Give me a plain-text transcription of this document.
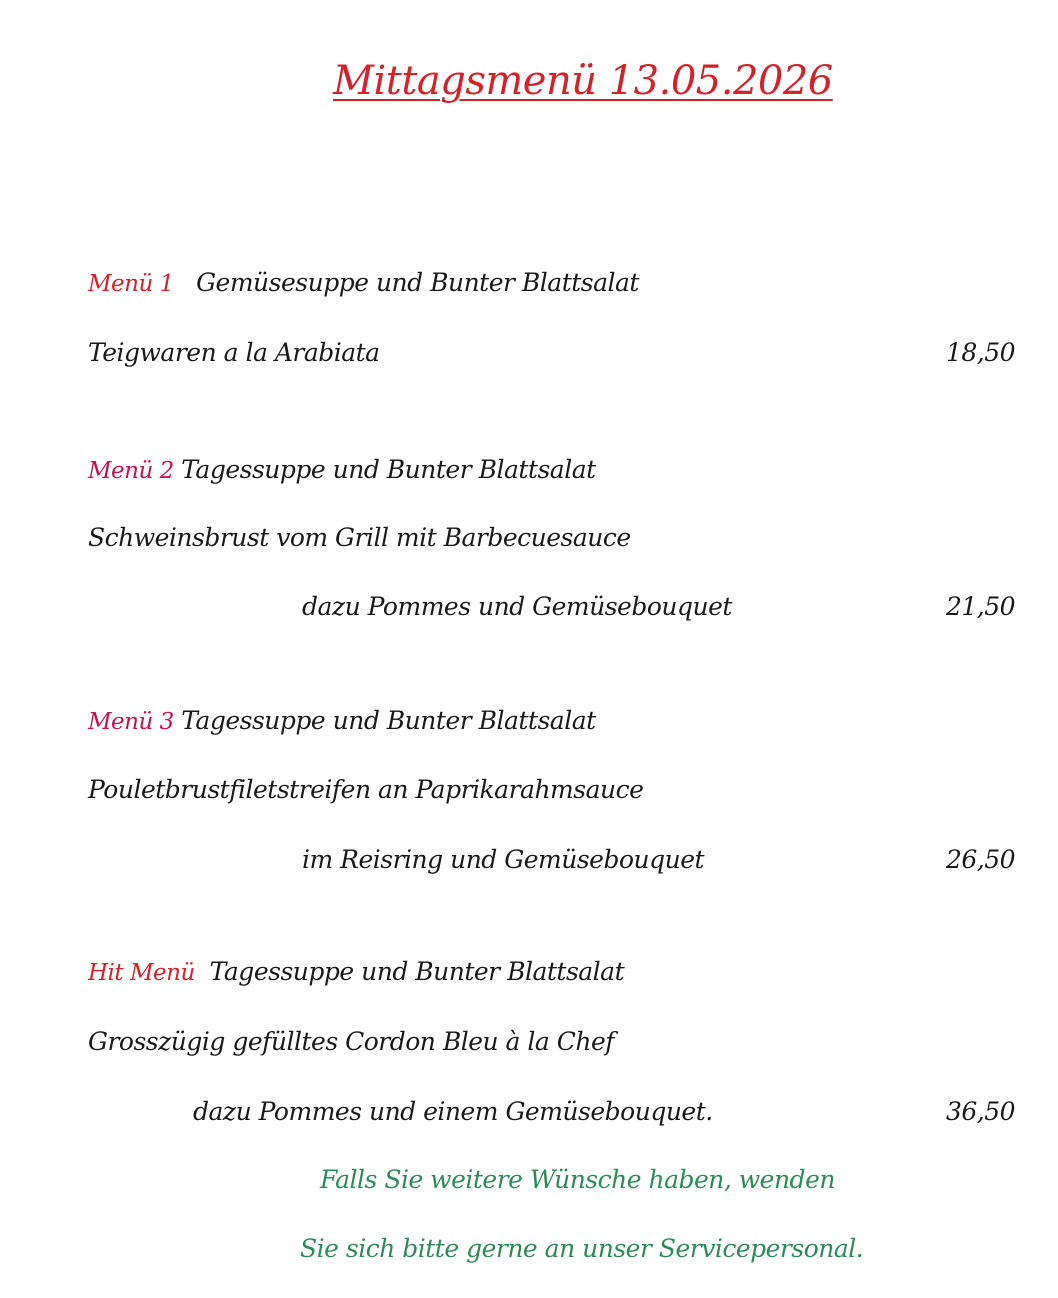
Mittagsmenü 13.05.2026
Menü 1 Gemüsesuppe und Bunter Blattsalat
Teigwaren a la Arabiata	18,50
Menü 2 Tagessuppe und Bunter Blattsalat
Schweinsbrust vom Grill mit Barbecuesauce
dazu Pommes und Gemüsebouquet	21,50
Menü 3 Tagessuppe und Bunter Blattsalat
Pouletbrustfiletstreifen an Paprikarahmsauce
im Reisring und Gemüsebouquet	26,50
Hit Menü Tagessuppe und Bunter Blattsalat
Grosszügig gefülltes Cordon Bleu à la Chef
dazu Pommes und einem Gemüsebouquet.	36,50
Falls Sie weitere Wünsche haben, wenden
Sie sich bitte gerne an unser Servicepersonal.
